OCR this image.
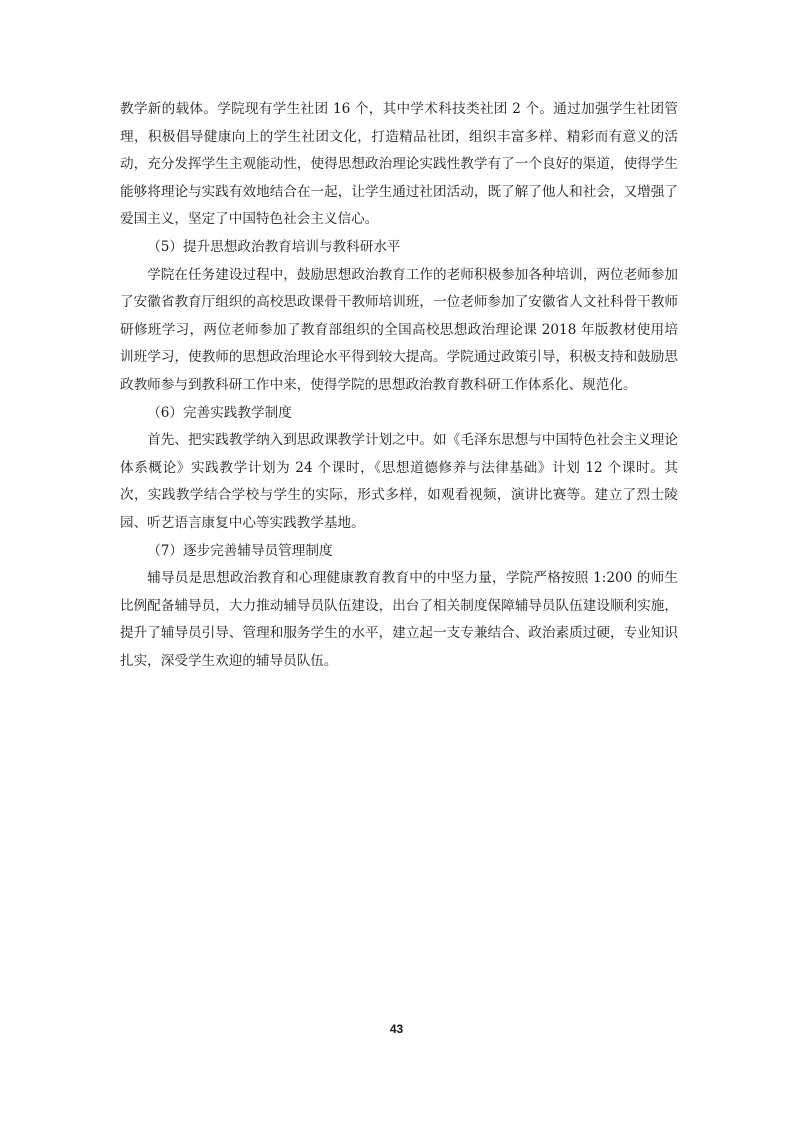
教学新的载体。学院现有学生社团 16 个，其中学术科技类社团 2 个。通过加强学生社团管理，积极倡导健康向上的学生社团文化，打造精品社团，组织丰富多样、精彩而有意义的活动，充分发挥学生主观能动性，使得思想政治理论实践性教学有了一个良好的渠道，使得学生能够将理论与实践有效地结合在一起，让学生通过社团活动，既了解了他人和社会，又增强了爱国主义，坚定了中国特色社会主义信心。

（5）提升思想政治教育培训与教科研水平

学院在任务建设过程中，鼓励思想政治教育工作的老师积极参加各种培训，两位老师参加了安徽省教育厅组织的高校思政课骨干教师培训班，一位老师参加了安徽省人文社科骨干教师研修班学习，两位老师参加了教育部组织的全国高校思想政治理论课 2018 年版教材使用培训班学习，使教师的思想政治理论水平得到较大提高。学院通过政策引导，积极支持和鼓励思政教师参与到教科研工作中来，使得学院的思想政治教育教科研工作体系化、规范化。

（6）完善实践教学制度

首先、把实践教学纳入到思政课教学计划之中。如《毛泽东思想与中国特色社会主义理论体系概论》实践教学计划为 24 个课时，《思想道德修养与法律基础》计划 12 个课时。其次，实践教学结合学校与学生的实际，形式多样，如观看视频，演讲比赛等。建立了烈士陵园、听艺语言康复中心等实践教学基地。

（7）逐步完善辅导员管理制度

辅导员是思想政治教育和心理健康教育教育中的中坚力量，学院严格按照 1:200 的师生比例配备辅导员，大力推动辅导员队伍建设，出台了相关制度保障辅导员队伍建设顺利实施，提升了辅导员引导、管理和服务学生的水平，建立起一支专兼结合、政治素质过硬，专业知识扎实，深受学生欢迎的辅导员队伍。

43
